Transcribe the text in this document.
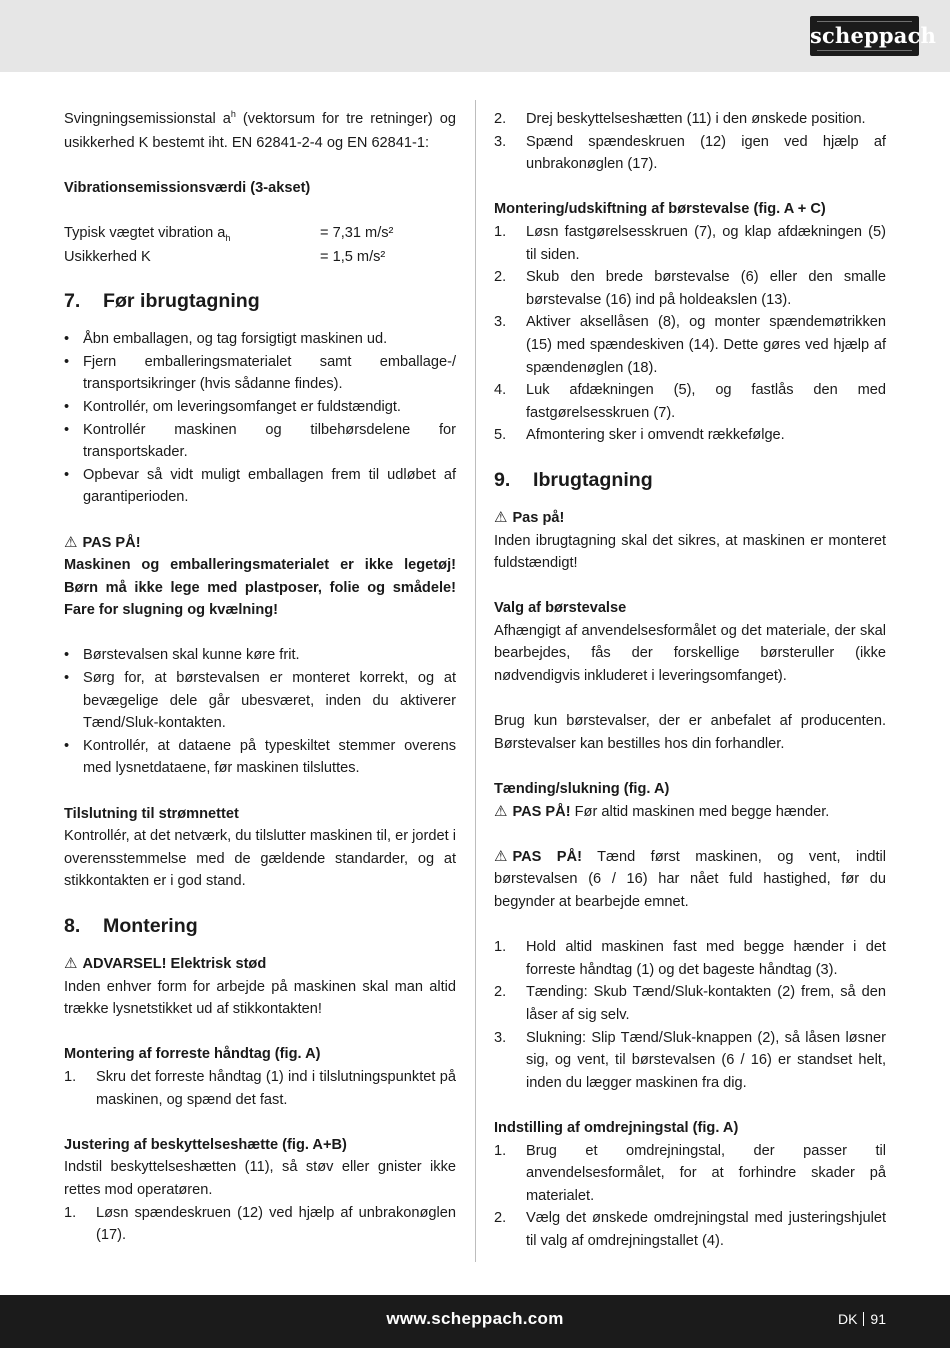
scheppach

Svingningsemissionstal $a^h$ (vektorsum for tre retninger) og usikkerhed K bestemt iht. EN 62841-2-4 og EN 62841-1:

Vibrationsemissionsværdi (3-akset)

Typisk vægtet vibration $a_h$	= 7,31 m/s²
Usikkerhed K	= 1,5 m/s²
7.	Før ibrugtagning
• Åbn emballagen, og tag forsigtigt maskinen ud.
• Fjern emballeringsmaterialet samt emballage-/ transportsikringer (hvis sådanne findes).
• Kontrollér, om leveringsomfanget er fuldstændigt.
• Kontrollér maskinen og tilbehørsdelene for transportskader.
• Opbevar så vidt muligt emballagen frem til udløbet af garantiperioden.

⚠ PAS PÅ!

Maskinen og emballeringsmaterialet er ikke legetøj! Børn må ikke lege med plastposer, folie og smådele! Fare for slugning og kvælning!

• Børstevalsen skal kunne køre frit.
• Sørg for, at børstevalsen er monteret korrekt, og at bevægelige dele går ubesværet, inden du aktiverer Tænd/Sluk-kontakten.
• Kontrollér, at dataene på typeskiltet stemmer overens med lysnetdataene, før maskinen tilsluttes.

Tilslutning til strømnettet

Kontrollér, at det netværk, du tilslutter maskinen til, er jordet i overensstemmelse med de gældende standarder, og at stikkontakten er i god stand.

8.	Montering

⚠ ADVARSEL! Elektrisk stød

Inden enhver form for arbejde på maskinen skal man altid trække lysnetstikket ud af stikkontakten!

Montering af forreste håndtag (fig. A)

1.	Skru det forreste håndtag (1) ind i tilslutningspunktet på maskinen, og spænd det fast.

Justering af beskyttelseshætte (fig. A+B)

Indstil beskyttelseshætten (11), så støv eller gnister ikke rettes mod operatøren.

1.	Løsn spændeskruen (12) ved hjælp af unbrakonøglen (17).
2.	Drej beskyttelseshætten (11) i den ønskede position.
3.	Spænd spændeskruen (12) igen ved hjælp af unbrakonøglen (17).

Montering/udskiftning af børstevalse (fig. A + C)

1.	Løsn fastgørelsesskruen (7), og klap afdækningen (5) til siden.
2.	Skub den brede børstevalse (6) eller den smalle børstevalse (16) ind på holdeakslen (13).
3.	Aktiver aksellåsen (8), og monter spændemøtrikken (15) med spændeskiven (14). Dette gøres ved hjælp af spændenøglen (18).
4.	Luk afdækningen (5), og fastlås den med fastgørelsesskruen (7).
5.	Afmontering sker i omvendt rækkefølge.
9.	Ibrugtagning

⚠ Pas på!

Inden ibrugtagning skal det sikres, at maskinen er monteret fuldstændigt!

Valg af børstevalse

Afhængigt af anvendelsesformålet og det materiale, der skal bearbejdes, fås der forskellige børsteruller (ikke nødvendigvis inkluderet i leveringsomfanget).

Brug kun børstevalser, der er anbefalet af producenten. Børstevalser kan bestilles hos din forhandler.

Tænding/slukning (fig. A)

⚠ PAS PÅ! Før altid maskinen med begge hænder.

⚠ PAS PÅ! Tænd først maskinen, og vent, indtil børstevalsen (6 / 16) har nået fuld hastighed, før du begynder at bearbejde emnet.

1.	Hold altid maskinen fast med begge hænder i det forreste håndtag (1) og det bageste håndtag (3).
2.	Tænding: Skub Tænd/Sluk-kontakten (2) frem, så den låser af sig selv.
3.	Slukning: Slip Tænd/Sluk-knappen (2), så låsen løsner sig, og vent, til børstevalsen (6 / 16) er standset helt, inden du lægger maskinen fra dig.

Indstilling af omdrejningstal (fig. A)

1.	Brug et omdrejningstal, der passer til anvendelsesformålet, for at forhindre skader på materialet.
2.	Vælg det ønskede omdrejningstal med justeringshjulet til valg af omdrejningstallet (4).
www.scheppach.com	DK 91
